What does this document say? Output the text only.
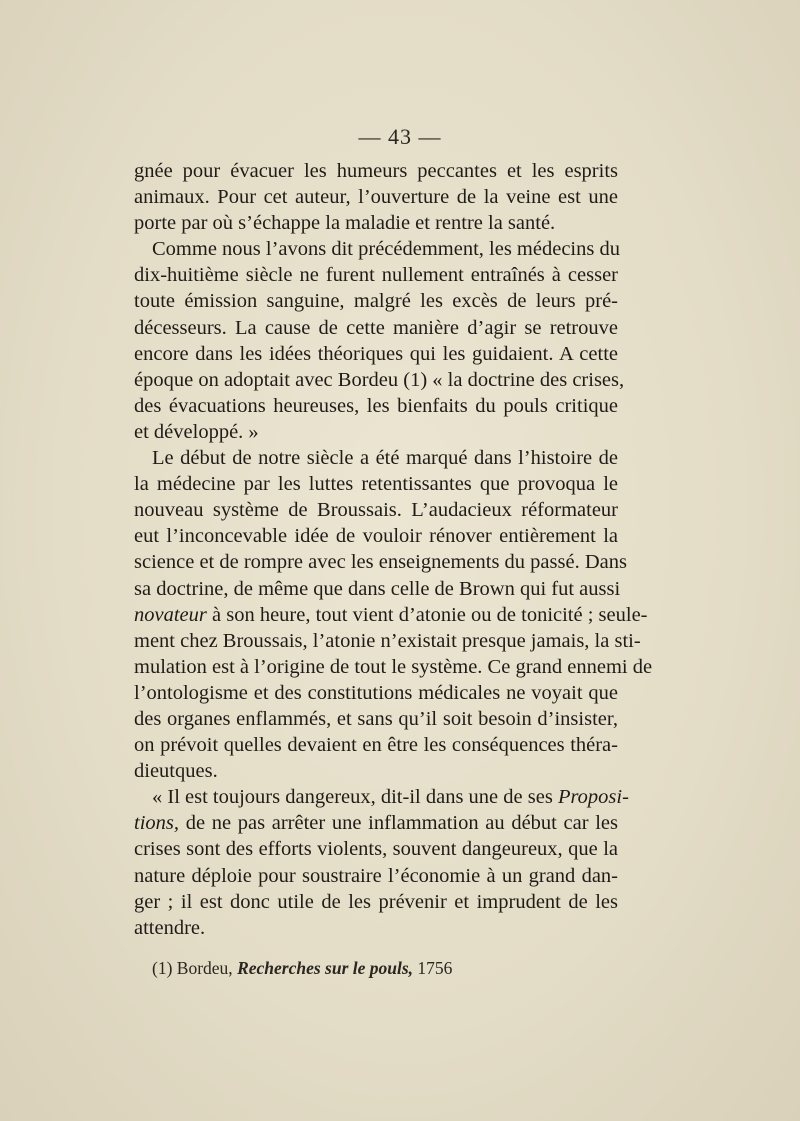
— 43 —
gnée pour évacuer les humeurs peccantes et les esprits
animaux. Pour cet auteur, l’ouverture de la veine est une
porte par où s’échappe la maladie et rentre la santé.
Comme nous l’avons dit précédemment, les médecins du
dix-huitième siècle ne furent nullement entraînés à cesser
toute émission sanguine, malgré les excès de leurs pré-
décesseurs. La cause de cette manière d’agir se retrouve
encore dans les idées théoriques qui les guidaient. A cette
époque on adoptait avec Bordeu (1) « la doctrine des crises,
des évacuations heureuses, les bienfaits du pouls critique
et développé. »
Le début de notre siècle a été marqué dans l’histoire de
la médecine par les luttes retentissantes que provoqua le
nouveau système de Broussais. L’audacieux réformateur
eut l’inconcevable idée de vouloir rénover entièrement la
science et de rompre avec les enseignements du passé. Dans
sa doctrine, de même que dans celle de Brown qui fut aussi
novateur à son heure, tout vient d’atonie ou de tonicité ; seule-
ment chez Broussais, l’atonie n’existait presque jamais, la sti-
mulation est à l’origine de tout le système. Ce grand ennemi de
l’ontologisme et des constitutions médicales ne voyait que
des organes enflammés, et sans qu’il soit besoin d’insister,
on prévoit quelles devaient en être les conséquences théra-
dieutques.
« Il est toujours dangereux, dit-il dans une de ses Proposi-
tions, de ne pas arrêter une inflammation au début car les
crises sont des efforts violents, souvent dangeureux, que la
nature déploie pour soustraire l’économie à un grand dan-
ger ; il est donc utile de les prévenir et imprudent de les
attendre.
(1) Bordeu, Recherches sur le pouls, 1756
